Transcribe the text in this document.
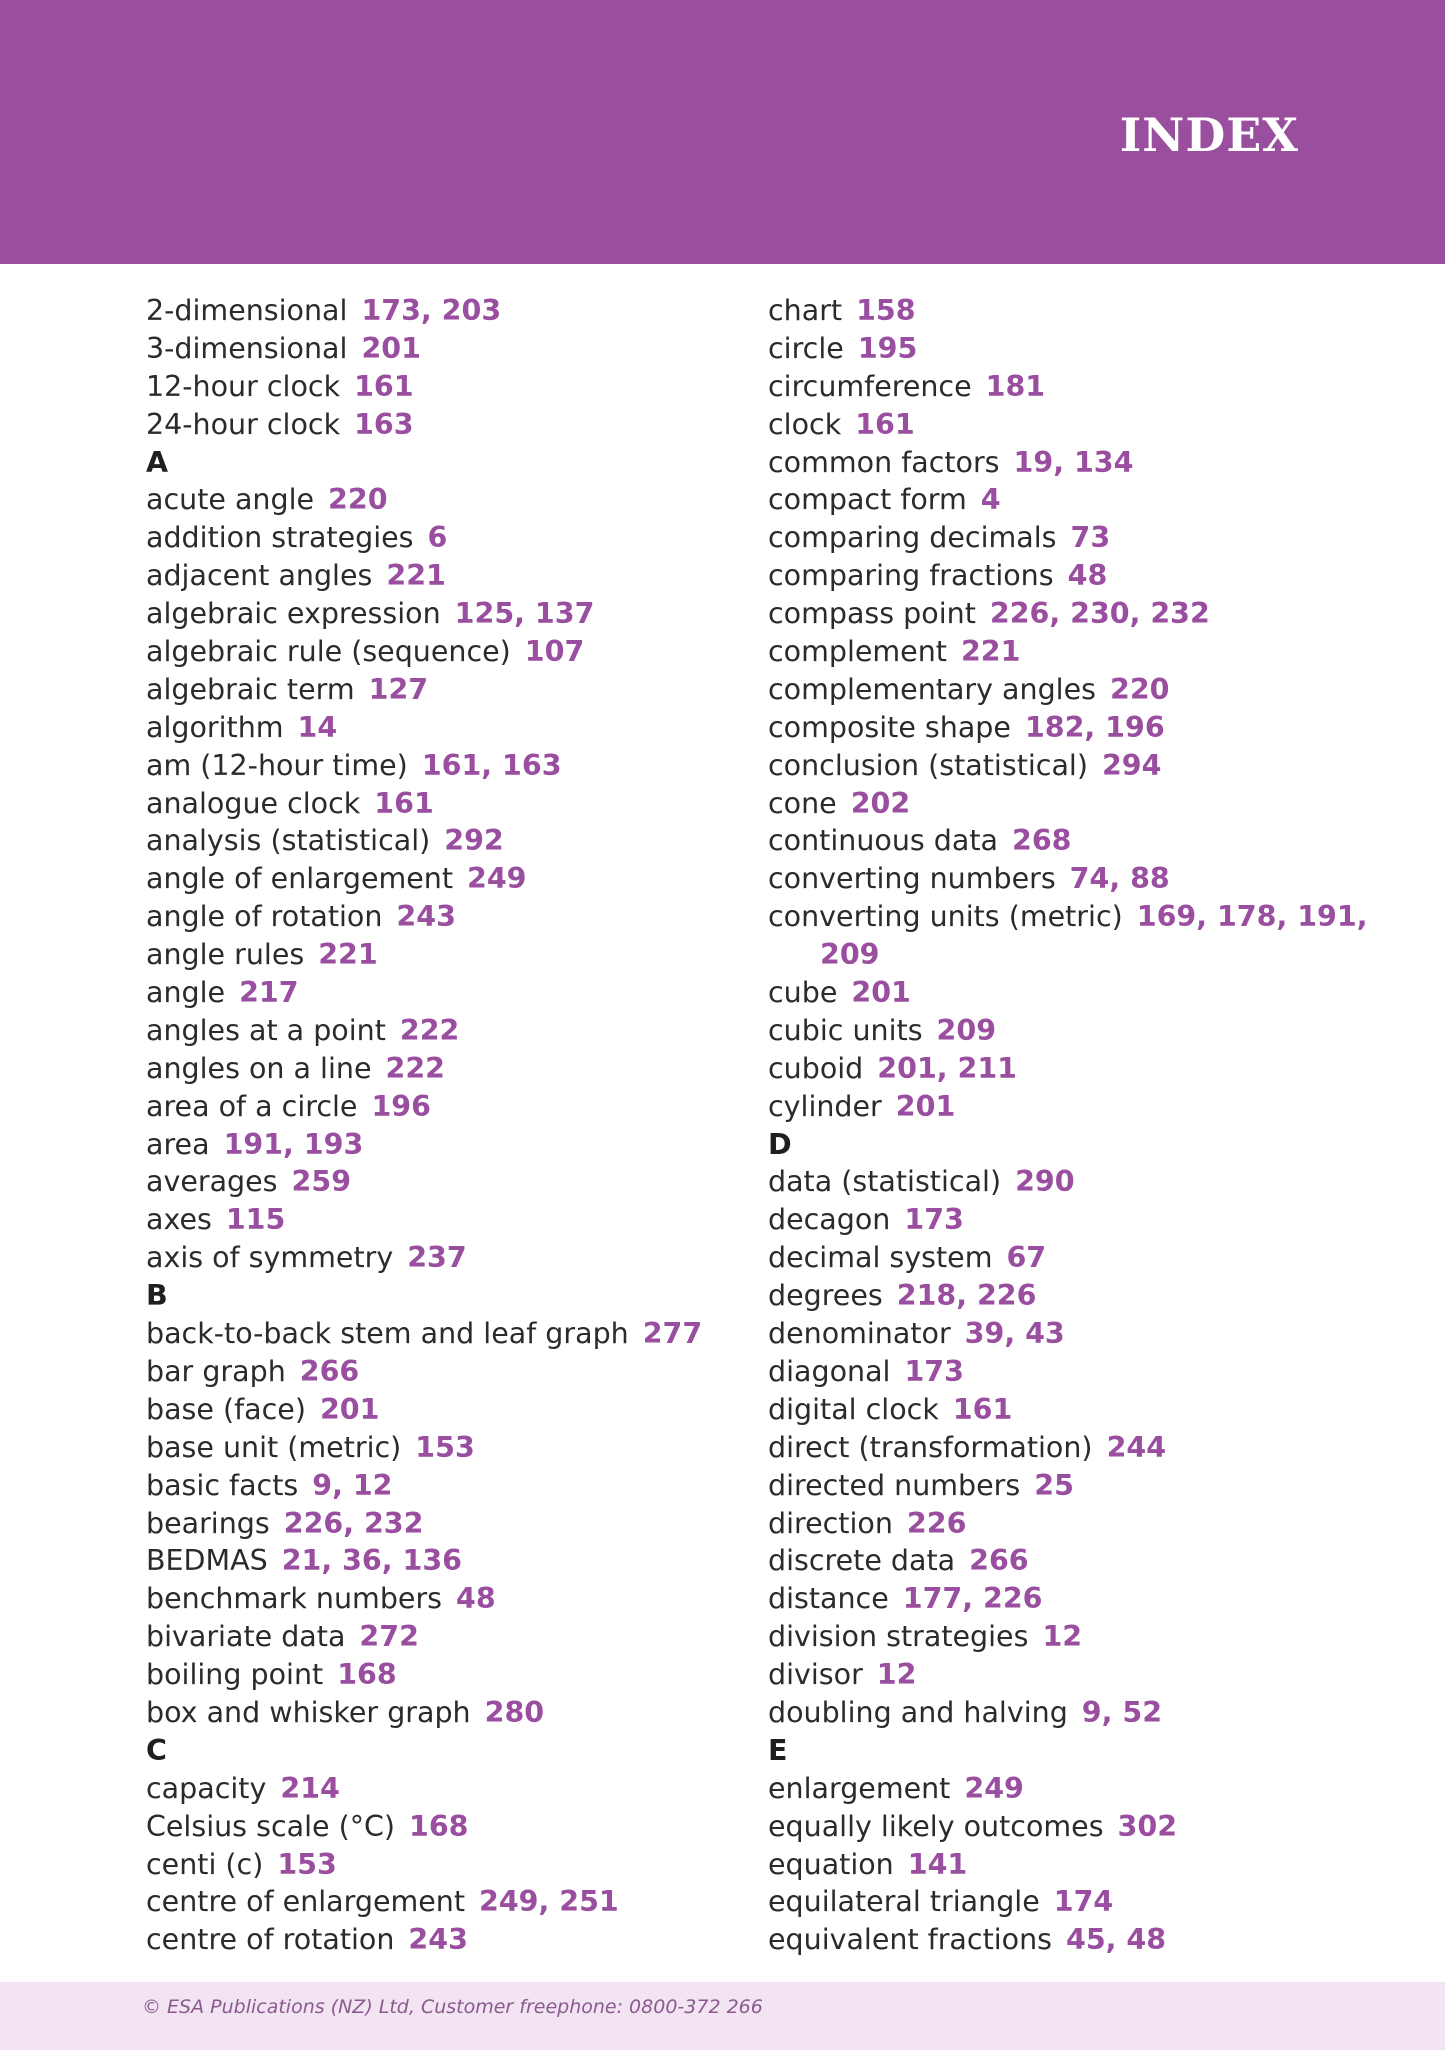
INDEX
2-dimensional 173, 203
3-dimensional 201
12-hour clock 161
24-hour clock 163
A
acute angle 220
addition strategies 6
adjacent angles 221
algebraic expression 125, 137
algebraic rule (sequence) 107
algebraic term 127
algorithm 14
am (12-hour time) 161, 163
analogue clock 161
analysis (statistical) 292
angle of enlargement 249
angle of rotation 243
angle rules 221
angle 217
angles at a point 222
angles on a line 222
area of a circle 196
area 191, 193
averages 259
axes 115
axis of symmetry 237
B
back-to-back stem and leaf graph 277
bar graph 266
base (face) 201
base unit (metric) 153
basic facts 9, 12
bearings 226, 232
BEDMAS 21, 36, 136
benchmark numbers 48
bivariate data 272
boiling point 168
box and whisker graph 280
C
capacity 214
Celsius scale (°C) 168
centi (c) 153
centre of enlargement 249, 251
centre of rotation 243
chart 158
circle 195
circumference 181
clock 161
common factors 19, 134
compact form 4
comparing decimals 73
comparing fractions 48
compass point 226, 230, 232
complement 221
complementary angles 220
composite shape 182, 196
conclusion (statistical) 294
cone 202
continuous data 268
converting numbers 74, 88
converting units (metric) 169, 178, 191,
209
cube 201
cubic units 209
cuboid 201, 211
cylinder 201
D
data (statistical) 290
decagon 173
decimal system 67
degrees 218, 226
denominator 39, 43
diagonal 173
digital clock 161
direct (transformation) 244
directed numbers 25
direction 226
discrete data 266
distance 177, 226
division strategies 12
divisor 12
doubling and halving 9, 52
E
enlargement 249
equally likely outcomes 302
equation 141
equilateral triangle 174
equivalent fractions 45, 48
© ESA Publications (NZ) Ltd, Customer freephone: 0800-372 266
